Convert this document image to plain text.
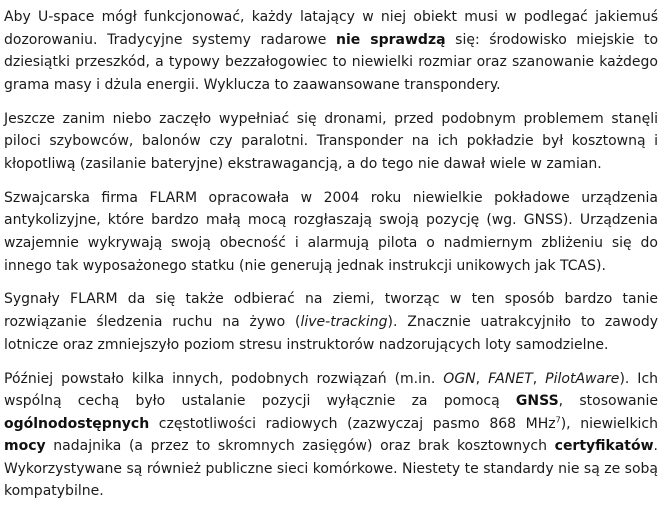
Aby U-space mógł funkcjonować, każdy latający w niej obiekt musi w podlegać jakiemuś dozorowaniu. Tradycyjne systemy radarowe nie sprawdzą się: środowisko miejskie to dziesiątki przeszkód, a typowy bezzałogowiec to niewielki rozmiar oraz szanowanie każdego grama masy i dżula energii. Wyklucza to zaawansowane transpondery.

Jeszcze zanim niebo zaczęło wypełniać się dronami, przed podobnym problemem stanęli piloci szybowców, balonów czy paralotni. Transponder na ich pokładzie był kosztowną i kłopotliwą (zasilanie bateryjne) ekstrawagancją, a do tego nie dawał wiele w zamian.

Szwajcarska firma FLARM opracowała w 2004 roku niewielkie pokładowe urządzenia antykolizyjne, które bardzo małą mocą rozgłaszają swoją pozycję (wg. GNSS). Urządzenia wzajemnie wykrywają swoją obecność i alarmują pilota o nadmiernym zbliżeniu się do innego tak wyposażonego statku (nie generują jednak instrukcji unikowych jak TCAS).

Sygnały FLARM da się także odbierać na ziemi, tworząc w ten sposób bardzo tanie rozwiązanie śledzenia ruchu na żywo (live-tracking). Znacznie uatrakcyjniło to zawody lotnicze oraz zmniejszyło poziom stresu instruktorów nadzorujących loty samodzielne.

Później powstało kilka innych, podobnych rozwiązań (m.in. OGN, FANET, PilotAware). Ich wspólną cechą było ustalanie pozycji wyłącznie za pomocą GNSS, stosowanie ogólnodostępnych częstotliwości radiowych (zazwyczaj pasmo 868 MHz$^7$), niewielkich mocy nadajnika (a przez to skromnych zasięgów) oraz brak kosztownych certyfikatów. Wykorzystywane są również publiczne sieci komórkowe. Niestety te standardy nie są ze sobą kompatybilne.
